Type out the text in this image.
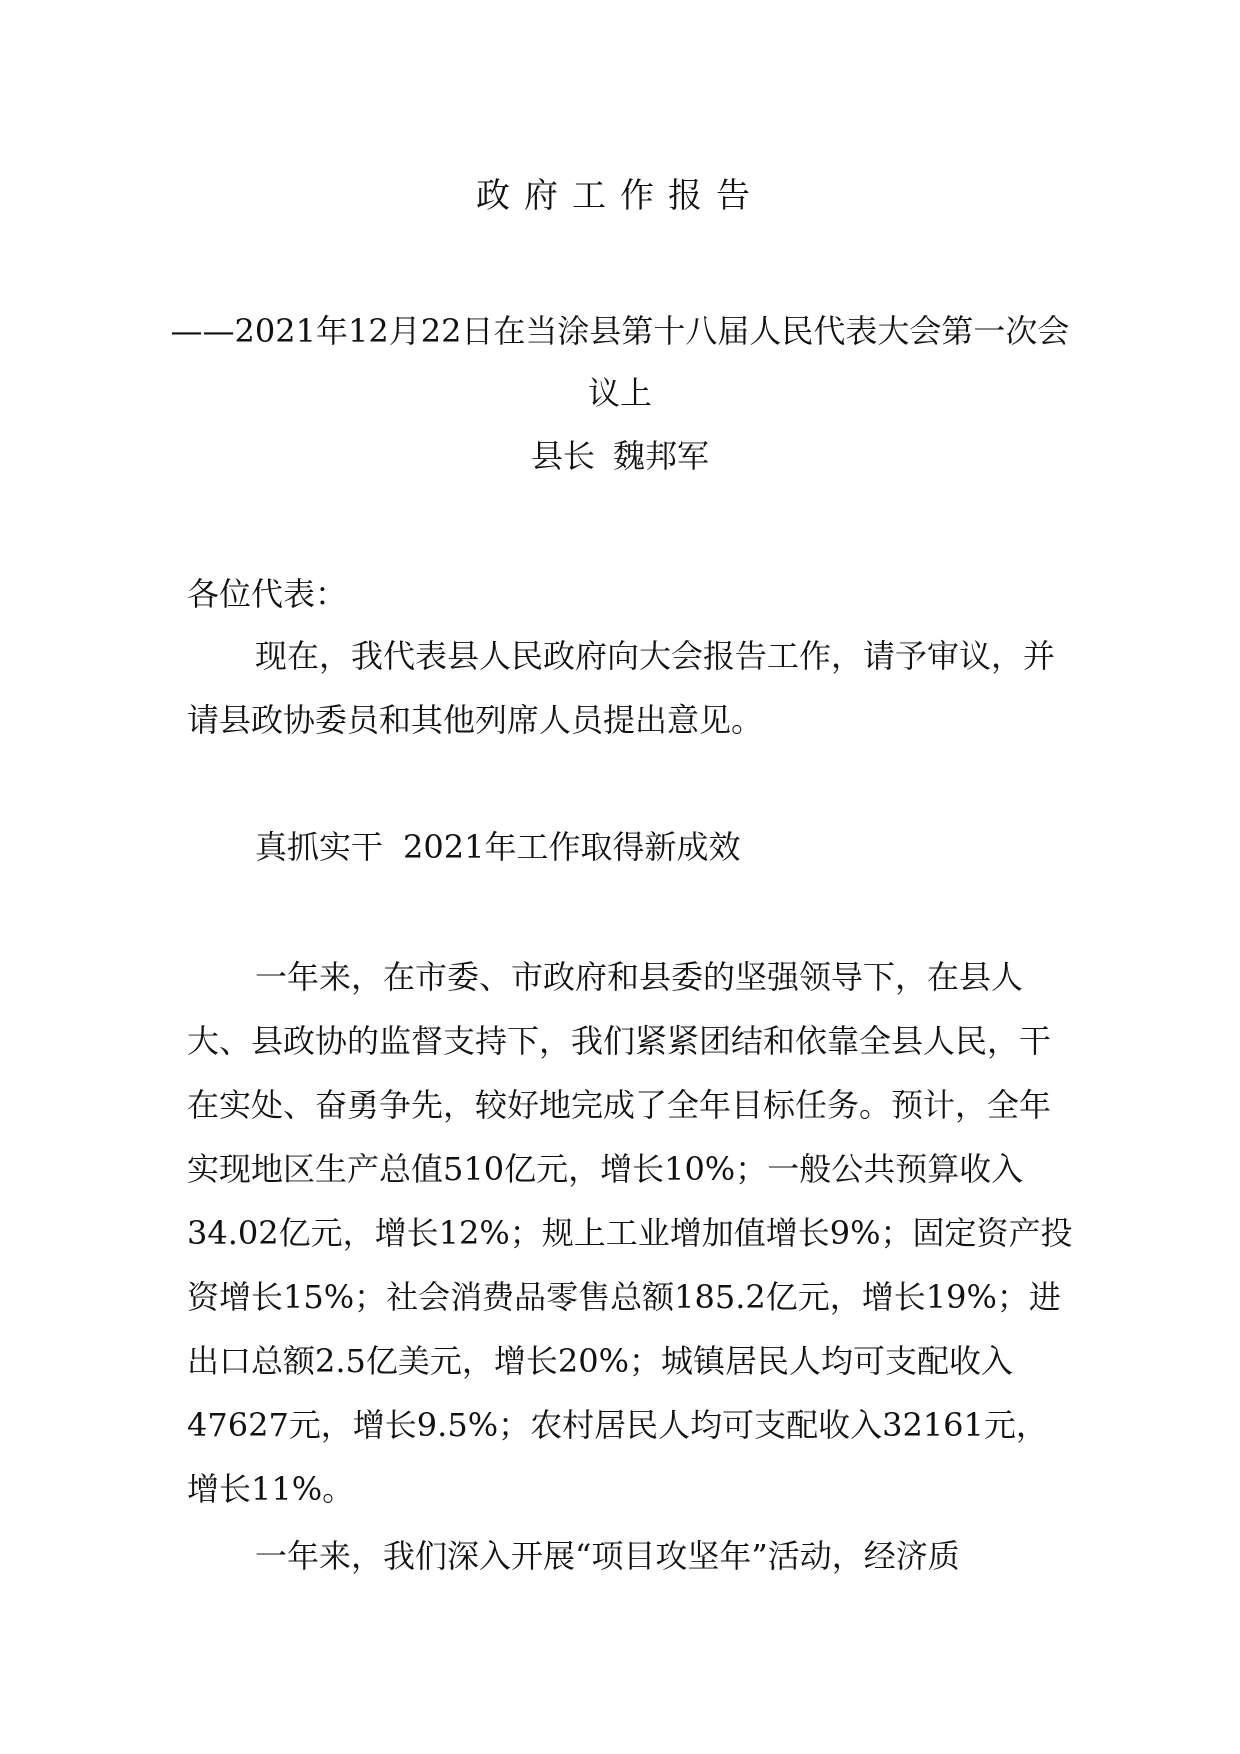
政府工作报告
——2021年12月22日在当涂县第十八届人民代表大会第一次会议上
县长 魏邦军

各位代表：

现在，我代表县人民政府向大会报告工作，请予审议，并请县政协委员和其他列席人员提出意见。

真抓实干 2021年工作取得新成效

一年来，在市委、市政府和县委的坚强领导下，在县人大、县政协的监督支持下，我们紧紧团结和依靠全县人民，干在实处、奋勇争先，较好地完成了全年目标任务。预计，全年实现地区生产总值510亿元，增长10%；一般公共预算收入34.02亿元，增长12%；规上工业增加值增长9%；固定资产投资增长15%；社会消费品零售总额185.2亿元，增长19%；进出口总额2.5亿美元，增长20%；城镇居民人均可支配收入47627元，增长9.5%；农村居民人均可支配收入32161元，增长11%。

一年来，我们深入开展“项目攻坚年”活动，经济质
